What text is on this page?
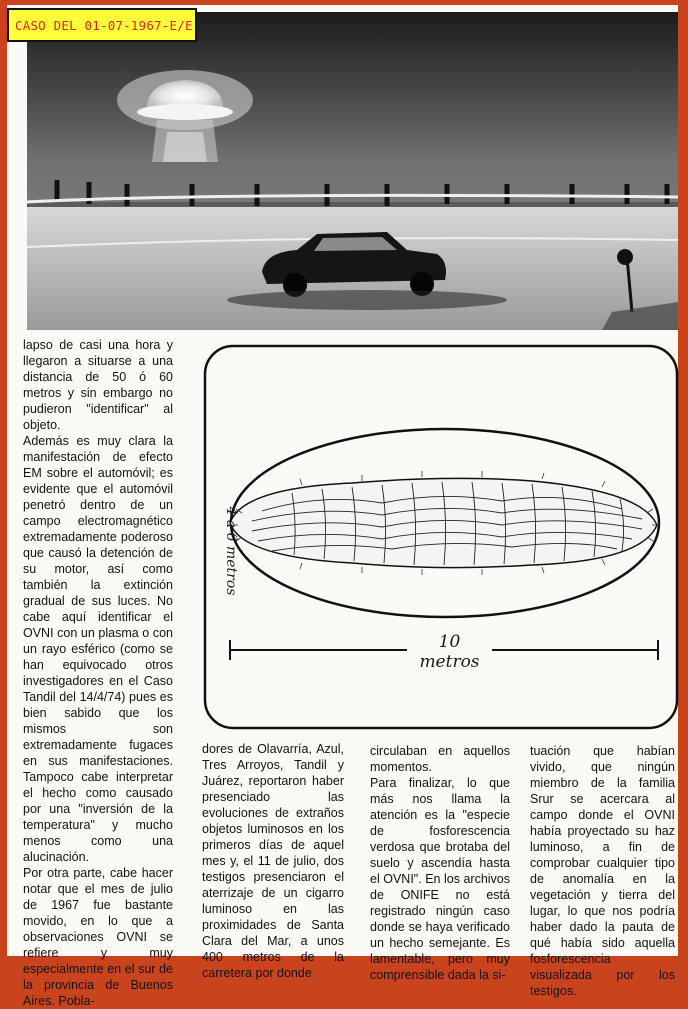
lapso de casi una hora y llegaron a situarse a una distancia de 50 ó 60 metros y sin embargo no pudieron "identificar" al objeto.

Además es muy clara la manifestación de efecto EM sobre el automóvil; es evidente que el automóvil penetró dentro de un campo electromagnético extremadamente poderoso que causó la detención de su motor, así como también la extinción gradual de sus luces. No cabe aquí identificar el OVNI con un plasma o con un rayo esférico (como se han equivocado otros investigadores en el Caso Tandil del 14/4/74) pues es bien sabido que los mismos son extremadamente fugaces en sus manifestaciones. Tampoco cabe interpretar el hecho como causado por una "inversión de la temperatura" y mucho menos como una alucinación.

Por otra parte, cabe hacer notar que el mes de julio de 1967 fue bastante movido, en lo que a observaciones OVNI se refiere y muy especialmente en el sur de la provincia de Buenos Aires. Pobla-

10 metros
4 a 6 metros

dores de Olavarría, Azul, Tres Arroyos, Tandil y Juárez, reportaron haber presenciado las evoluciones de extraños objetos luminosos en los primeros días de aquel mes y, el 11 de julio, dos testigos presenciaron el aterrizaje de un cigarro luminoso en las proximidades de Santa Clara del Mar, a unos 400 metros de la carretera por donde

circulaban en aquellos momentos.

Para finalizar, lo que más nos llama la atención es la "especie de fosforescencia verdosa que brotaba del suelo y ascendía hasta el OVNI". En los archivos de ONIFE no está registrado ningún caso donde se haya verificado un hecho semejante. Es lamentable, pero muy comprensible dada la si-

tuación que habían vivido, que ningún miembro de la familia Srur se acercara al campo donde el OVNI había proyectado su haz luminoso, a fin de comprobar cualquier tipo de anomalía en la vegetación y tierra del lugar, lo que nos podría haber dado la pauta de qué había sido aquella fosforescencia visualizada por los testigos.

CASO DEL 01-07-1967-E/E
